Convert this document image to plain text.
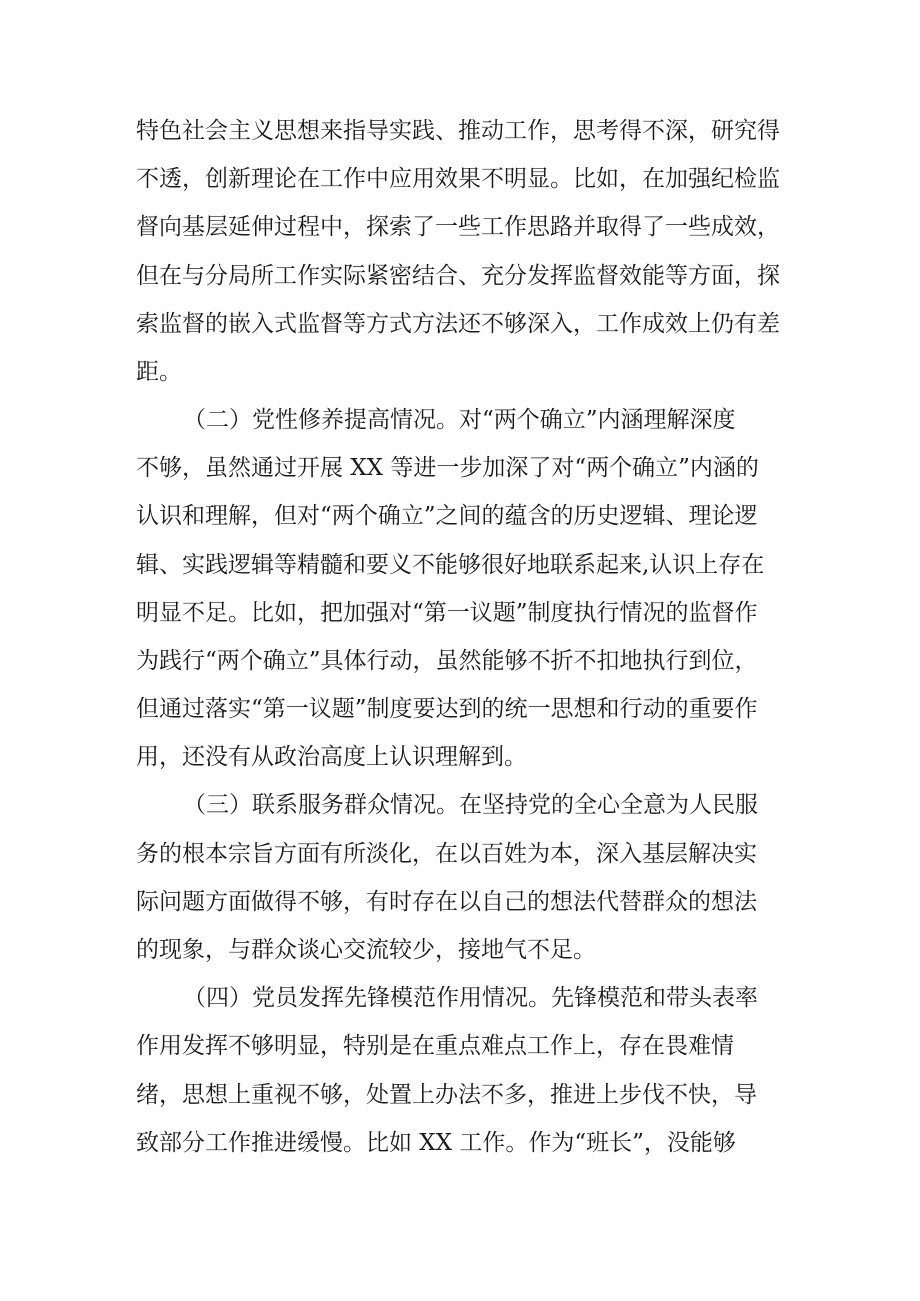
特色社会主义思想来指导实践、推动工作，思考得不深，研究得
不透，创新理论在工作中应用效果不明显。比如，在加强纪检监
督向基层延伸过程中，探索了一些工作思路并取得了一些成效，
但在与分局所工作实际紧密结合、充分发挥监督效能等方面，探
索监督的嵌入式监督等方式方法还不够深入，工作成效上仍有差
距。
（二）党性修养提高情况。对“两个确立”内涵理解深度
不够，虽然通过开展 XX 等进一步加深了对“两个确立”内涵的
认识和理解，但对“两个确立”之间的蕴含的历史逻辑、理论逻
辑、实践逻辑等精髓和要义不能够很好地联系起来,认识上存在
明显不足。比如，把加强对“第一议题”制度执行情况的监督作
为践行“两个确立”具体行动，虽然能够不折不扣地执行到位，
但通过落实“第一议题”制度要达到的统一思想和行动的重要作
用，还没有从政治高度上认识理解到。
（三）联系服务群众情况。在坚持党的全心全意为人民服
务的根本宗旨方面有所淡化，在以百姓为本，深入基层解决实
际问题方面做得不够，有时存在以自己的想法代替群众的想法
的现象，与群众谈心交流较少，接地气不足。
（四）党员发挥先锋模范作用情况。先锋模范和带头表率
作用发挥不够明显，特别是在重点难点工作上，存在畏难情
绪，思想上重视不够，处置上办法不多，推进上步伐不快，导
致部分工作推进缓慢。比如 XX 工作。作为“班长”，没能够
